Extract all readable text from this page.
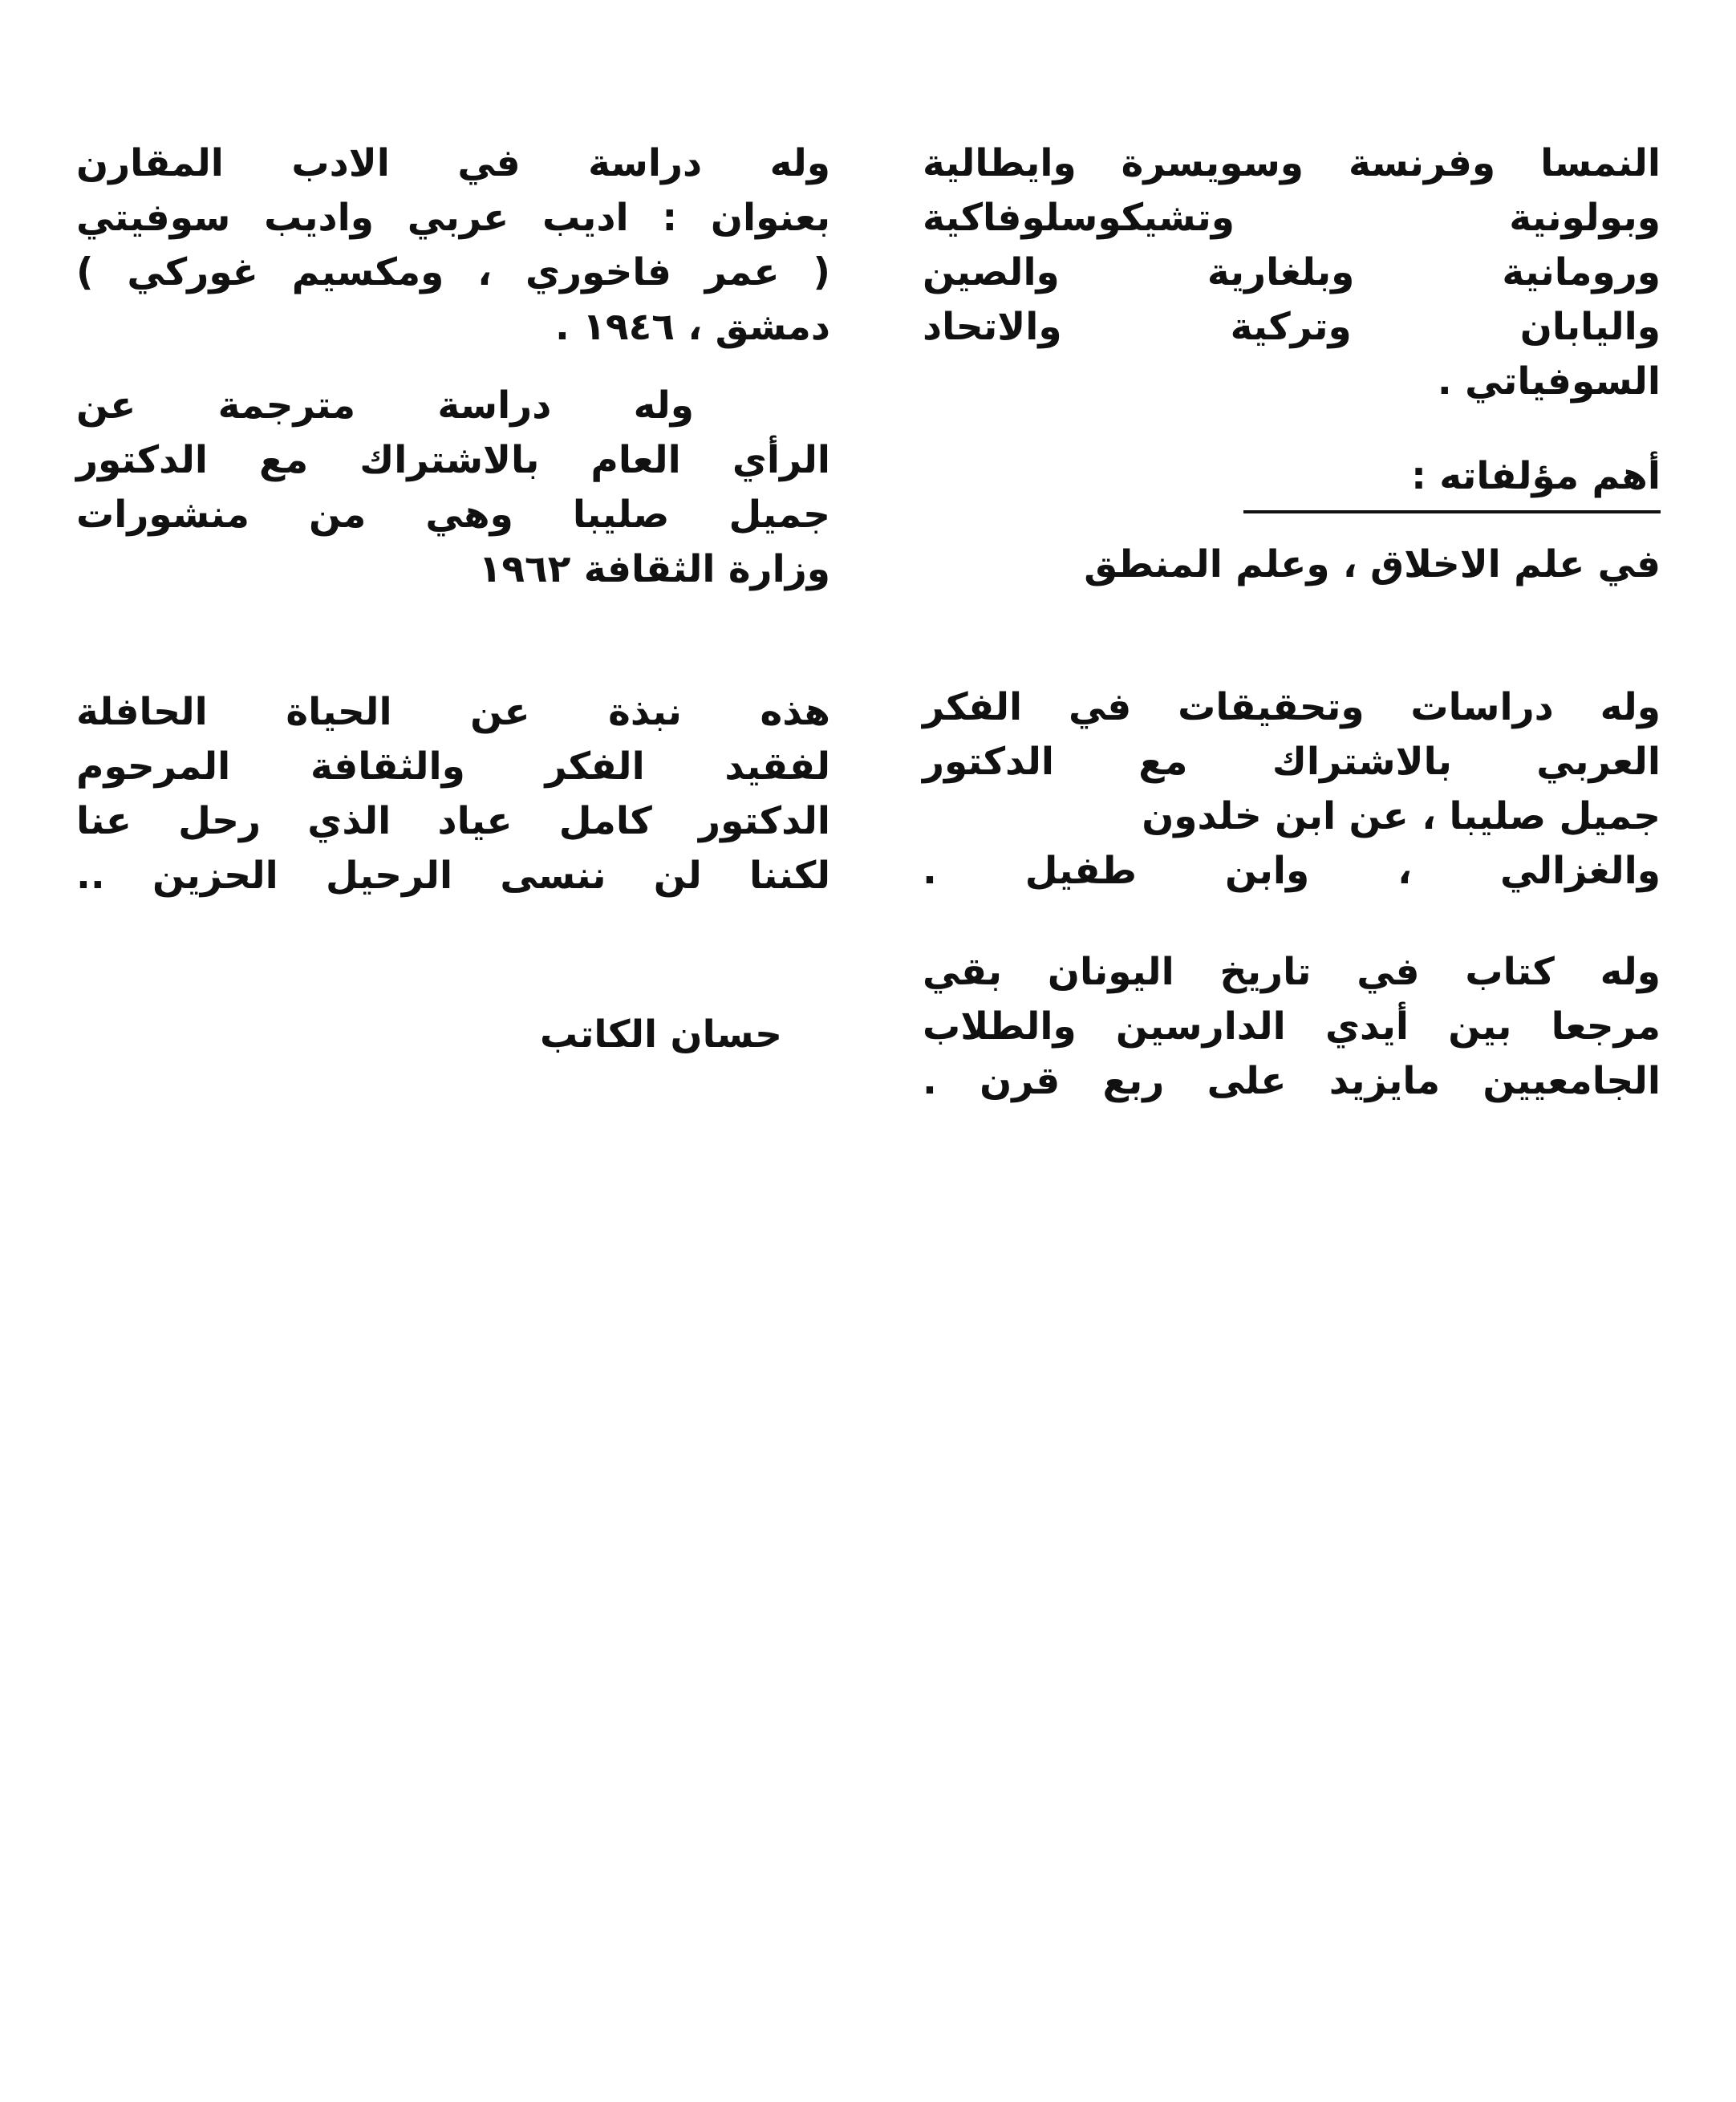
النمسا وفرنسة وسويسرة وايطالية
وبولونية وتشيكوسلوفاكية
ورومانية وبلغارية والصين
واليابان وتركية والاتحاد
السوفياتي .
أهم مؤلفاته :
في علم الاخلاق ، وعلم المنطق
وله دراسات وتحقيقات في الفكر
العربي بالاشتراك مع الدكتور
جميل صليبا ، عن ابن خلدون
والغزالي ، وابن طفيل .
وله كتاب في تاريخ اليونان بقي
مرجعا بين أيدي الدارسين والطلاب
الجامعيين مايزيد على ربع قرن .
وله دراسة في الادب المقارن
بعنوان : اديب عربي واديب سوفيتي
( عمر فاخوري ، ومكسيم غوركي )
دمشق ، ١٩٤٦ .
وله دراسة مترجمة عن
الرأي العام بالاشتراك مع الدكتور
جميل صليبا وهي من منشورات
وزارة الثقافة ١٩٦٢
هذه نبذة عن الحياة الحافلة
لفقيد الفكر والثقافة المرحوم
الدكتور كامل عياد الذي رحل عنا
لكننا لن ننسى الرحيل الحزين ..
حسان الكاتب
